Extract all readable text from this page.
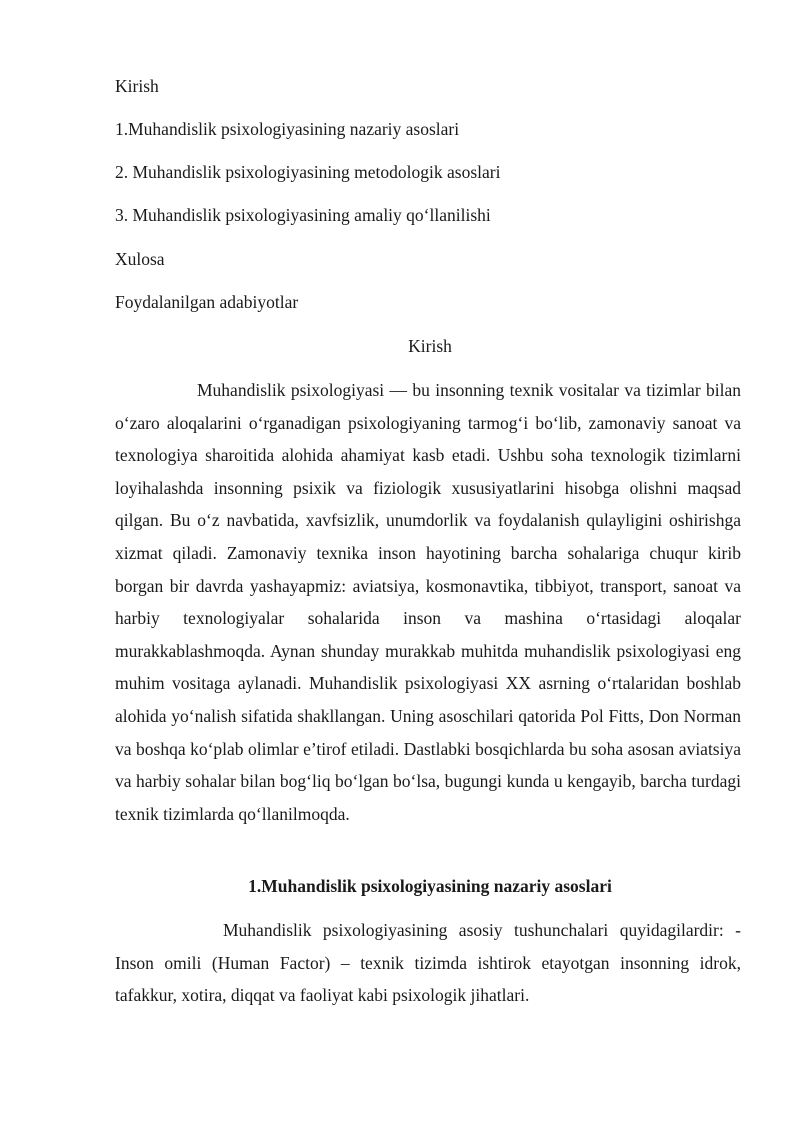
Kirish

1.Muhandislik psixologiyasining nazariy asoslari

2. Muhandislik psixologiyasining metodologik asoslari

3. Muhandislik psixologiyasining amaliy qo‘llanilishi

Xulosa

Foydalanilgan adabiyotlar

Kirish

Muhandislik psixologiyasi — bu insonning texnik vositalar va tizimlar bilan o‘zaro aloqalarini o‘rganadigan psixologiyaning tarmog‘i bo‘lib, zamonaviy sanoat va texnologiya sharoitida alohida ahamiyat kasb etadi. Ushbu soha texnologik tizimlarni loyihalashda insonning psixik va fiziologik xususiyatlarini hisobga olishni maqsad qilgan. Bu o‘z navbatida, xavfsizlik, unumdorlik va foydalanish qulayligini oshirishga xizmat qiladi. Zamonaviy texnika inson hayotining barcha sohalariga chuqur kirib borgan bir davrda yashayapmiz: aviatsiya, kosmonavtika, tibbiyot, transport, sanoat va harbiy texnologiyalar sohalarida inson va mashina o‘rtasidagi aloqalar murakkablashmoqda. Aynan shunday murakkab muhitda muhandislik psixologiyasi eng muhim vositaga aylanadi. Muhandislik psixologiyasi XX asrning o‘rtalaridan boshlab alohida yo‘nalish sifatida shakllangan. Uning asoschilari qatorida Pol Fitts, Don Norman va boshqa ko‘plab olimlar e’tirof etiladi. Dastlabki bosqichlarda bu soha asosan aviatsiya va harbiy sohalar bilan bog‘liq bo‘lgan bo‘lsa, bugungi kunda u kengayib, barcha turdagi texnik tizimlarda qo‘llanilmoqda.

1.Muhandislik psixologiyasining nazariy asoslari

Muhandislik psixologiyasining asosiy tushunchalari quyidagilardir: - Inson omili (Human Factor) – texnik tizimda ishtirok etayotgan insonning idrok, tafakkur, xotira, diqqat va faoliyat kabi psixologik jihatlari.
